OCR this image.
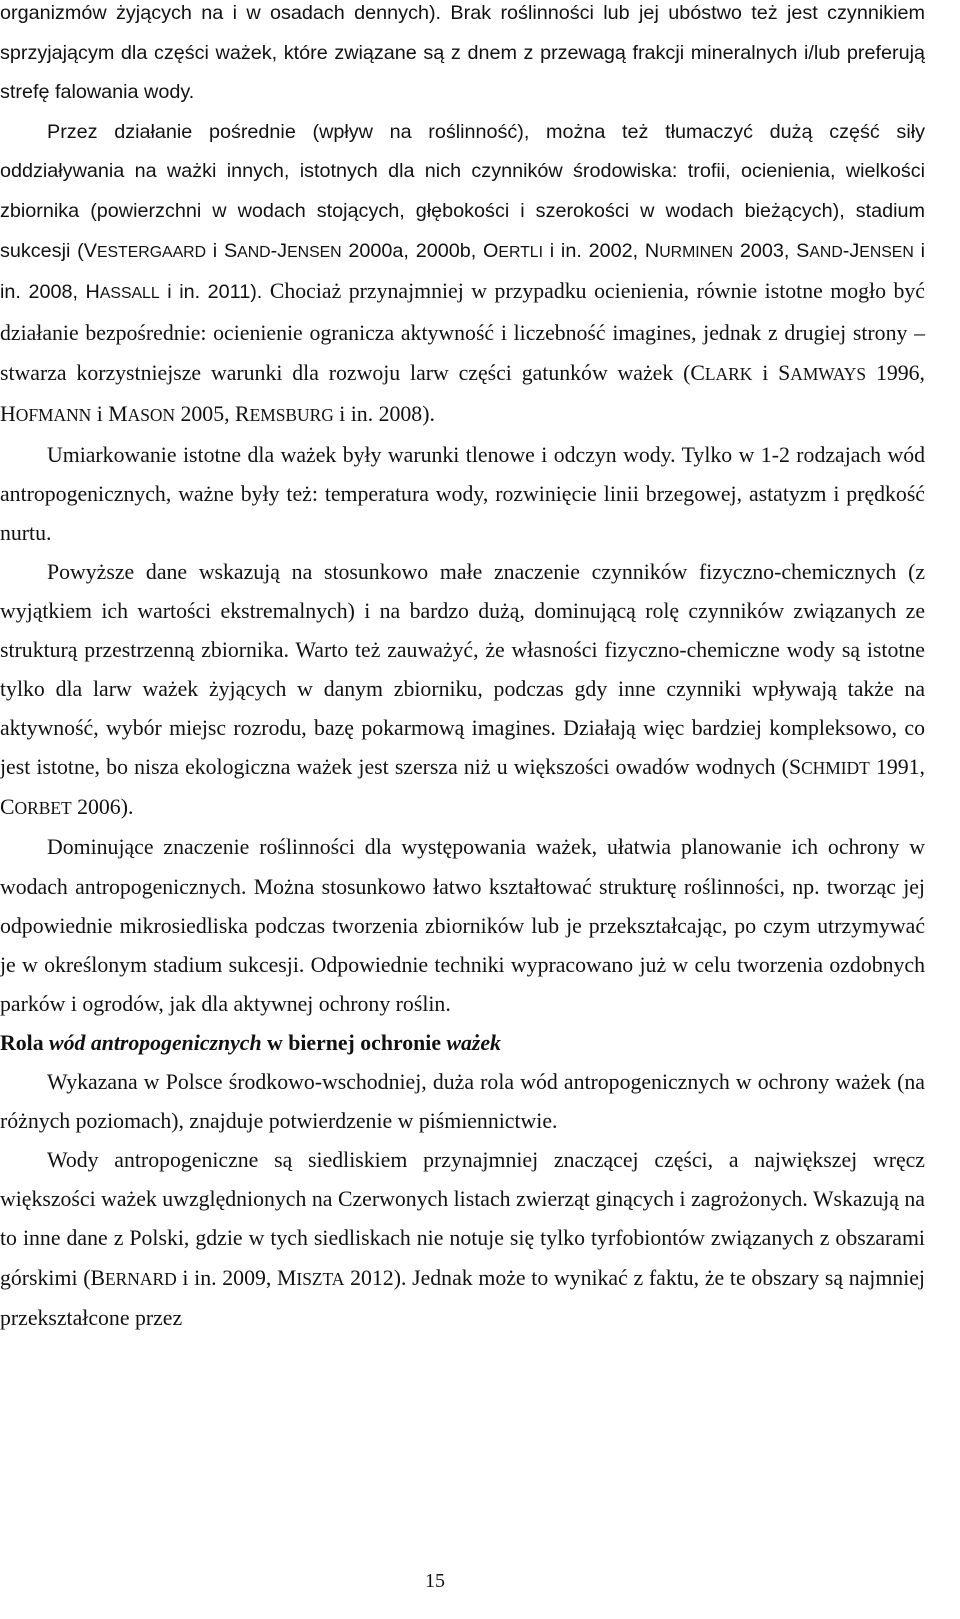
organizmów żyjących na i w osadach dennych). Brak roślinności lub jej ubóstwo też jest czynnikiem sprzyjającym dla części ważek, które związane są z dnem z przewagą frakcji mineralnych i/lub preferują strefę falowania wody.

Przez działanie pośrednie (wpływ na roślinność), można też tłumaczyć dużą część siły oddziaływania na ważki innych, istotnych dla nich czynników środowiska: trofii, ocienienia, wielkości zbiornika (powierzchni w wodach stojących, głębokości i szerokości w wodach bieżących), stadium sukcesji (VESTERGAARD i SAND-JENSEN 2000a, 2000b, OERTLI i in. 2002, NURMINEN 2003, SAND-JENSEN i in. 2008, HASSALL i in. 2011). Chociaż przynajmniej w przypadku ocienienia, równie istotne mogło być działanie bezpośrednie: ocienienie ogranicza aktywność i liczebność imagines, jednak z drugiej strony – stwarza korzystniejsze warunki dla rozwoju larw części gatunków ważek (CLARK i SAMWAYS 1996, HOFMANN i MASON 2005, REMSBURG i in. 2008).

Umiarkowanie istotne dla ważek były warunki tlenowe i odczyn wody. Tylko w 1-2 rodzajach wód antropogenicznych, ważne były też: temperatura wody, rozwinięcie linii brzegowej, astatyzm i prędkość nurtu.

Powyższe dane wskazują na stosunkowo małe znaczenie czynników fizyczno-chemicznych (z wyjątkiem ich wartości ekstremalnych) i na bardzo dużą, dominującą rolę czynników związanych ze strukturą przestrzenną zbiornika. Warto też zauważyć, że własności fizyczno-chemiczne wody są istotne tylko dla larw ważek żyjących w danym zbiorniku, podczas gdy inne czynniki wpływają także na aktywność, wybór miejsc rozrodu, bazę pokarmową imagines. Działają więc bardziej kompleksowo, co jest istotne, bo nisza ekologiczna ważek jest szersza niż u większości owadów wodnych (SCHMIDT 1991, CORBET 2006).

Dominujące znaczenie roślinności dla występowania ważek, ułatwia planowanie ich ochrony w wodach antropogenicznych. Można stosunkowo łatwo kształtować strukturę roślinności, np. tworząc jej odpowiednie mikrosiedliska podczas tworzenia zbiorników lub je przekształcając, po czym utrzymywać je w określonym stadium sukcesji. Odpowiednie techniki wypracowano już w celu tworzenia ozdobnych parków i ogrodów, jak dla aktywnej ochrony roślin.

Rola wód antropogenicznych w biernej ochronie ważek

Wykazana w Polsce środkowo-wschodniej, duża rola wód antropogenicznych w ochrony ważek (na różnych poziomach), znajduje potwierdzenie w piśmiennictwie.

Wody antropogeniczne są siedliskiem przynajmniej znaczącej części, a największej wręcz większości ważek uwzględnionych na Czerwonych listach zwierząt ginących i zagrożonych. Wskazują na to inne dane z Polski, gdzie w tych siedliskach nie notuje się tylko tyrfobiontów związanych z obszarami górskimi (BERNARD i in. 2009, MISZTA 2012). Jednak może to wynikać z faktu, że te obszary są najmniej przekształcone przez

15
